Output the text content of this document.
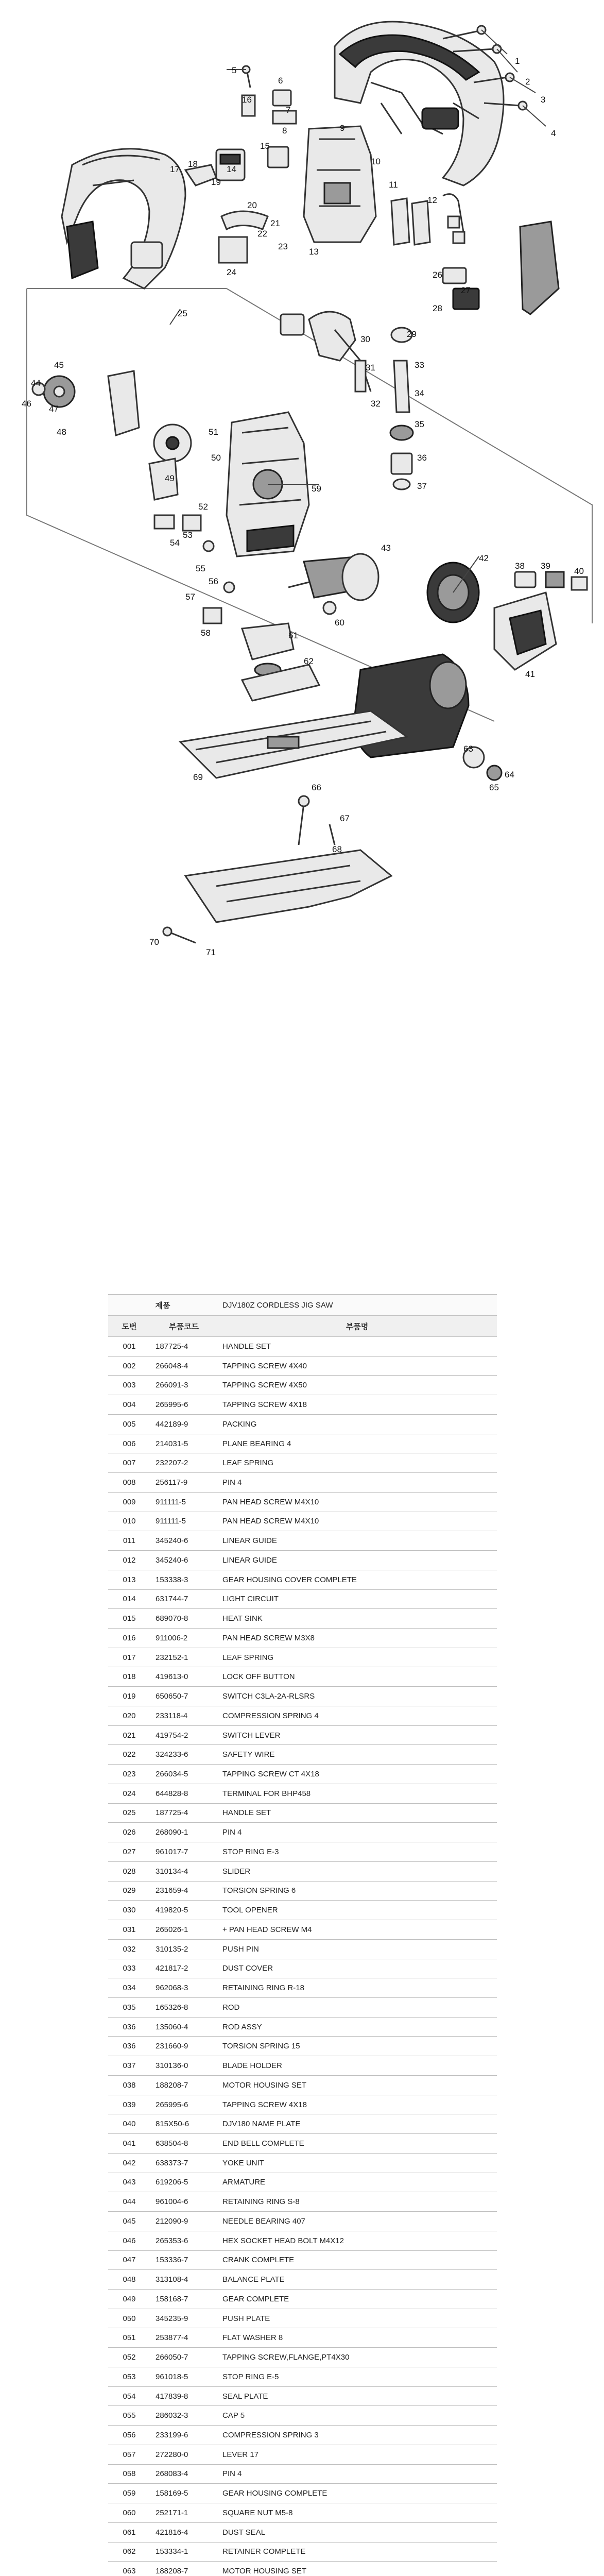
1
2
3
4
5
6
7
8	9
10
11
12
13
14
15
16
17
18
19
20
21
22
23
24
25
26
27
28
29
30
31
32
33
34
35
36
37
38 39
40
41
42
43
44
45
46
47
48
49
50
51
52
53
54
55
56
57
58
59
60
61
62
63
64
65
66
67
68
69
70
71
제품	DJV180Z CORDLESS JIG SAW
도번	부품코드	부품명
001	187725-4	HANDLE SET
002	266048-4	TAPPING SCREW 4X40
003	266091-3	TAPPING SCREW 4X50
004	265995-6	TAPPING SCREW 4X18
005	442189-9	PACKING
006	214031-5	PLANE BEARING 4
007	232207-2	LEAF SPRING
008	256117-9	PIN 4
009	911111-5	PAN HEAD SCREW M4X10
010	911111-5	PAN HEAD SCREW M4X10
011	345240-6	LINEAR GUIDE
012	345240-6	LINEAR GUIDE
013	153338-3	GEAR HOUSING COVER COMPLETE
014	631744-7	LIGHT CIRCUIT
015	689070-8	HEAT SINK
016	911006-2	PAN HEAD SCREW M3X8
017	232152-1	LEAF SPRING
018	419613-0	LOCK OFF BUTTON
019	650650-7	SWITCH C3LA-2A-RLSRS
020	233118-4	COMPRESSION SPRING 4
021	419754-2	SWITCH LEVER
022	324233-6	SAFETY WIRE
023	266034-5	TAPPING SCREW CT 4X18
024	644828-8	TERMINAL FOR BHP458
025	187725-4	HANDLE SET
026	268090-1	PIN 4
027	961017-7	STOP RING E-3
028	310134-4	SLIDER
029	231659-4	TORSION SPRING 6
030	419820-5	TOOL OPENER
031	265026-1	+ PAN HEAD SCREW M4
032	310135-2	PUSH PIN
033	421817-2	DUST COVER
034	962068-3	RETAINING RING R-18
035	165326-8	ROD
036	135060-4	ROD ASSY
036	231660-9	TORSION SPRING 15
037	310136-0	BLADE HOLDER
038	188208-7	MOTOR HOUSING SET
039	265995-6	TAPPING SCREW 4X18
040	815X50-6	DJV180 NAME PLATE
041	638504-8	END BELL COMPLETE
042	638373-7	YOKE UNIT
043	619206-5	ARMATURE
044	961004-6	RETAINING RING S-8
045	212090-9	NEEDLE BEARING 407
046	265353-6	HEX SOCKET HEAD BOLT M4X12
047	153336-7	CRANK COMPLETE
048	313108-4	BALANCE PLATE
049	158168-7	GEAR COMPLETE
050	345235-9	PUSH PLATE
051	253877-4	FLAT WASHER 8
052	266050-7	TAPPING SCREW,FLANGE,PT4X30
053	961018-5	STOP RING E-5
054	417839-8	SEAL PLATE
055	286032-3	CAP 5
056	233199-6	COMPRESSION SPRING 3
057	272280-0	LEVER 17
058	268083-4	PIN 4
059	158169-5	GEAR HOUSING COMPLETE
060	252171-1	SQUARE NUT M5-8
061	421816-4	DUST SEAL
062	153334-1	RETAINER COMPLETE
063	188208-7	MOTOR HOUSING SET
